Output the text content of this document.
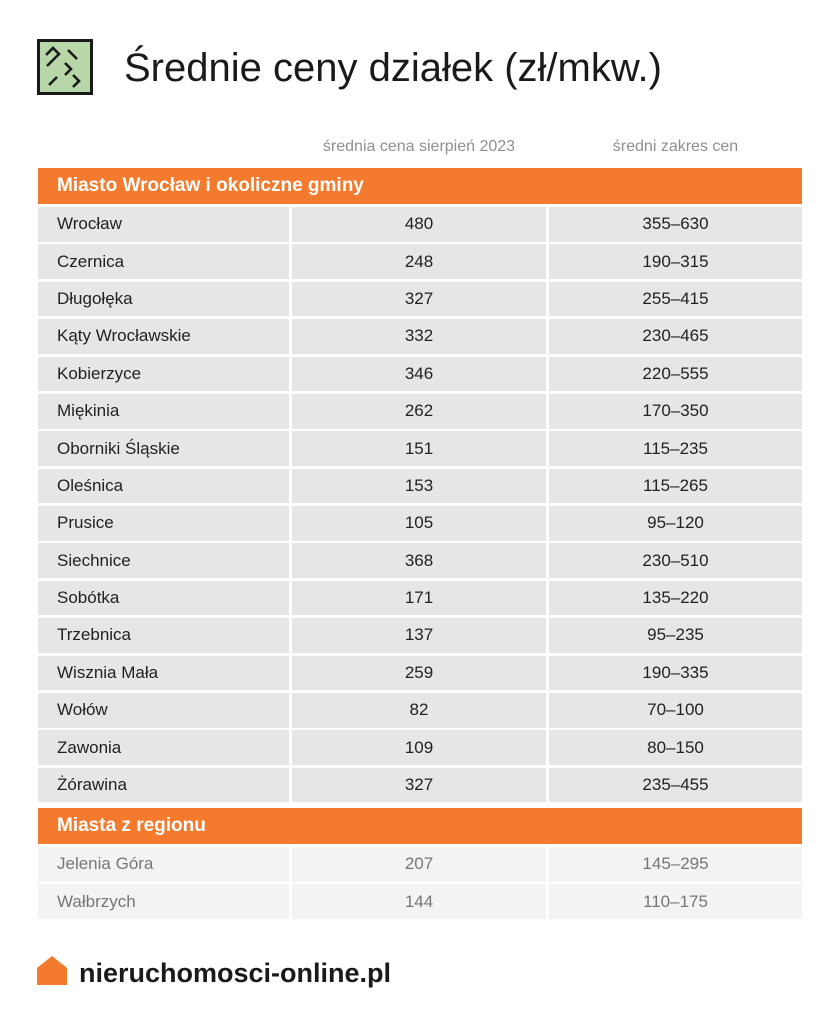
Średnie ceny działek (zł/mkw.)
średnia cena sierpień 2023	średni zakres cen
Miasto Wrocław i okoliczne gminy
Wrocław	480	355–630
Czernica	248	190–315
Długołęka	327	255–415
Kąty Wrocławskie	332	230–465
Kobierzyce	346	220–555
Miękinia	262	170–350
Oborniki Śląskie	151	115–235
Oleśnica	153	115–265
Prusice	105	95–120
Siechnice	368	230–510
Sobótka	171	135–220
Trzebnica	137	95–235
Wisznia Mała	259	190–335
Wołów	82	70–100
Zawonia	109	80–150
Żórawina	327	235–455
Miasta z regionu
Jelenia Góra	207	145–295
Wałbrzych	144	110–175
nieruchomosci-online.pl
